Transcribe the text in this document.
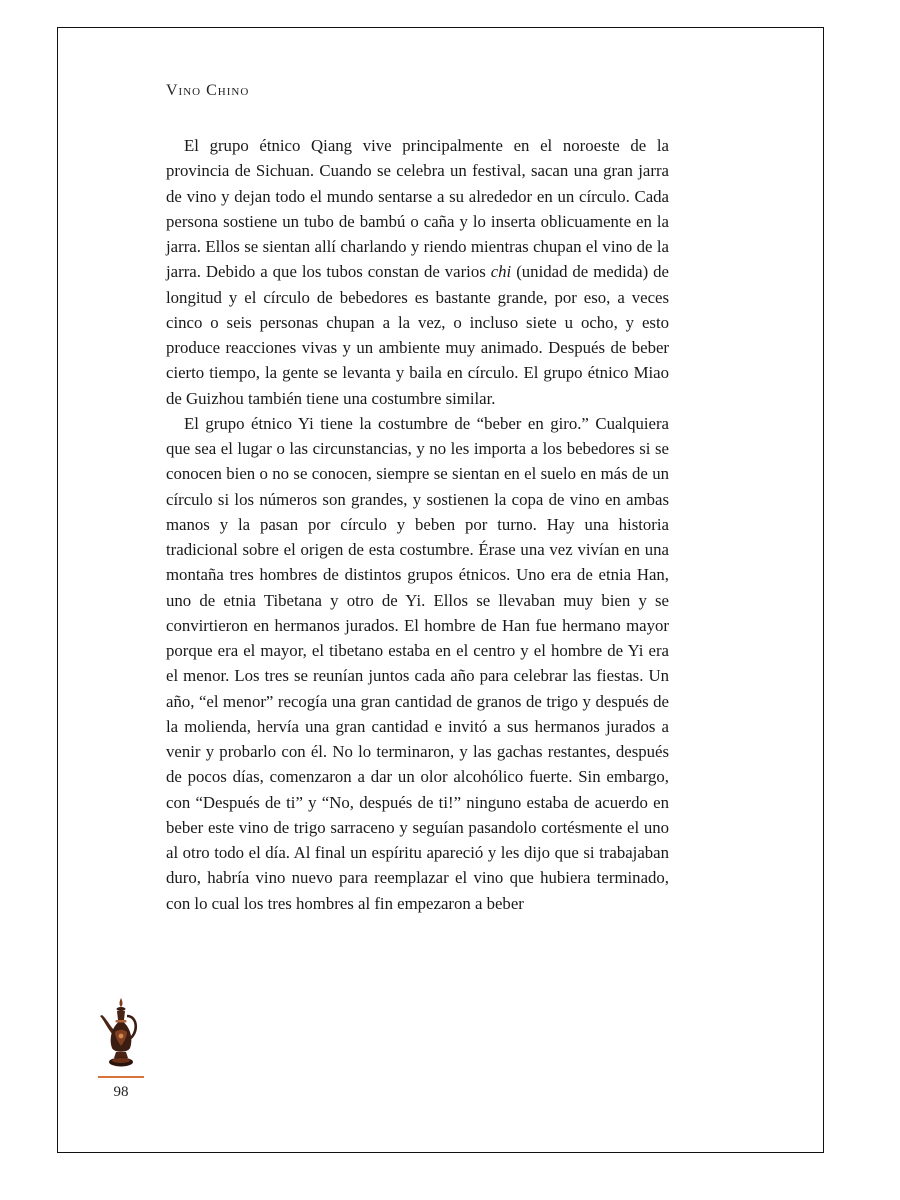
Vino Chino

El grupo étnico Qiang vive principalmente en el noroeste de la provincia de Sichuan. Cuando se celebra un festival, sacan una gran jarra de vino y dejan todo el mundo sentarse a su alrededor en un círculo. Cada persona sostiene un tubo de bambú o caña y lo inserta oblicuamente en la jarra. Ellos se sientan allí charlando y riendo mientras chupan el vino de la jarra. Debido a que los tubos constan de varios chi (unidad de medida) de longitud y el círculo de bebedores es bastante grande, por eso, a veces cinco o seis personas chupan a la vez, o incluso siete u ocho, y esto produce reacciones vivas y un ambiente muy animado. Después de beber cierto tiempo, la gente se levanta y baila en círculo. El grupo étnico Miao de Guizhou también tiene una costumbre similar.

El grupo étnico Yi tiene la costumbre de “beber en giro.” Cualquiera que sea el lugar o las circunstancias, y no les importa a los bebedores si se conocen bien o no se conocen, siempre se sientan en el suelo en más de un círculo si los números son grandes, y sostienen la copa de vino en ambas manos y la pasan por círculo y beben por turno. Hay una historia tradicional sobre el origen de esta costumbre. Érase una vez vivían en una montaña tres hombres de distintos grupos étnicos. Uno era de etnia Han, uno de etnia Tibetana y otro de Yi. Ellos se llevaban muy bien y se convirtieron en hermanos jurados. El hombre de Han fue hermano mayor porque era el mayor, el tibetano estaba en el centro y el hombre de Yi era el menor. Los tres se reunían juntos cada año para celebrar las fiestas. Un año, “el menor” recogía una gran cantidad de granos de trigo y después de la molienda, hervía una gran cantidad e invitó a sus hermanos jurados a venir y probarlo con él. No lo terminaron, y las gachas restantes, después de pocos días, comenzaron a dar un olor alcohólico fuerte. Sin embargo, con “Después de ti” y “No, después de ti!” ninguno estaba de acuerdo en beber este vino de trigo sarraceno y seguían pasandolo cortésmente el uno al otro todo el día. Al final un espíritu apareció y les dijo que si trabajaban duro, habría vino nuevo para reemplazar el vino que hubiera terminado, con lo cual los tres hombres al fin empezaron a beber

98
